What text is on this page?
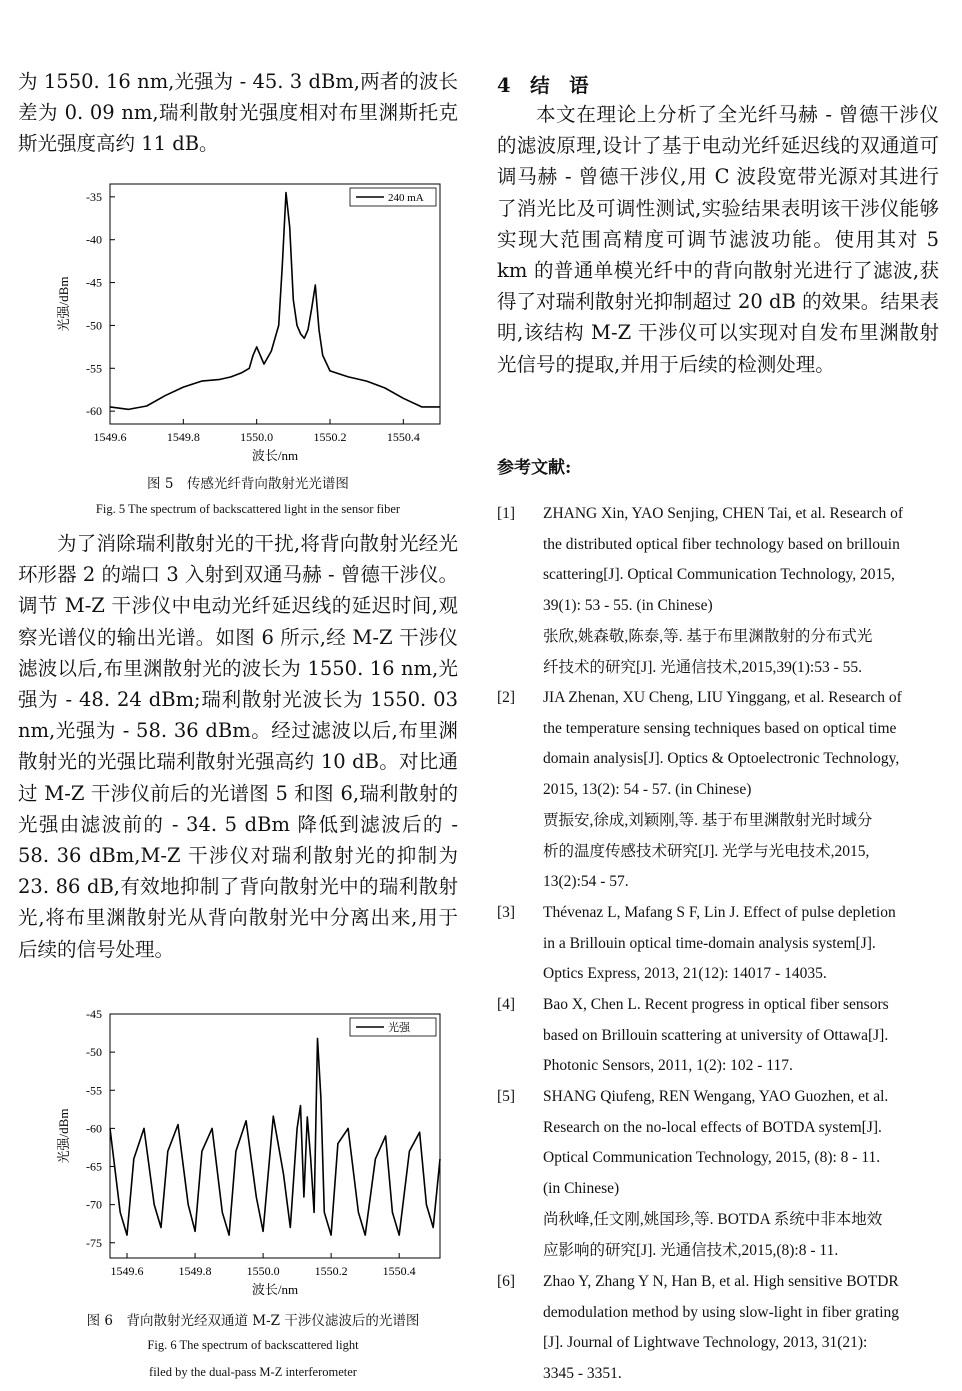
为 1550. 16 nm,光强为 - 45. 3 dBm,两者的波长差为 0. 09 nm,瑞利散射光强度相对布里渊斯托克斯光强度高约 11 dB。

-35
-40
-45
-50
-55
-60
1549.6	1549.8	1550.0	1550.2	1550.4
波长/nm
光强/dBm
240 mA
图 5　传感光纤背向散射光光谱图
Fig. 5 The spectrum of backscattered light in the sensor fiber

为了消除瑞利散射光的干扰,将背向散射光经光环形器 2 的端口 3 入射到双通马赫 - 曾德干涉仪。调节 M-Z 干涉仪中电动光纤延迟线的延迟时间,观察光谱仪的输出光谱。如图 6 所示,经 M-Z 干涉仪滤波以后,布里渊散射光的波长为 1550. 16 nm,光强为 - 48. 24 dBm;瑞利散射光波长为 1550. 03 nm,光强为 - 58. 36 dBm。经过滤波以后,布里渊散射光的光强比瑞利散射光强高约 10 dB。对比通过 M-Z 干涉仪前后的光谱图 5 和图 6,瑞利散射的光强由滤波前的 - 34. 5 dBm 降低到滤波后的 - 58. 36 dBm,M-Z 干涉仪对瑞利散射光的抑制为 23. 86 dB,有效地抑制了背向散射光中的瑞利散射光,将布里渊散射光从背向散射光中分离出来,用于后续的信号处理。

-45
-50
-55
-60
-65
-70
-75
1549.6	1549.8	1550.0	1550.2	1550.4
波长/nm
光强/dBm
光强
图 6　背向散射光经双通道 M-Z 干涉仪滤波后的光谱图
Fig. 6 The spectrum of backscattered light
filed by the dual-pass M-Z interferometer

4　结　语

本文在理论上分析了全光纤马赫 - 曾德干涉仪的滤波原理,设计了基于电动光纤延迟线的双通道可调马赫 - 曾德干涉仪,用 C 波段宽带光源对其进行了消光比及可调性测试,实验结果表明该干涉仪能够实现大范围高精度可调节滤波功能。使用其对 5 km 的普通单模光纤中的背向散射光进行了滤波,获得了对瑞利散射光抑制超过 20 dB 的效果。结果表明,该结构 M-Z 干涉仪可以实现对自发布里渊散射光信号的提取,并用于后续的检测处理。

参考文献:

[1]	ZHANG Xin, YAO Senjing, CHEN Tai, et al. Research of
the distributed optical fiber technology based on brillouin
scattering[J]. Optical Communication Technology, 2015,
39(1): 53 - 55. (in Chinese)
张欣,姚森敬,陈泰,等. 基于布里渊散射的分布式光
纤技术的研究[J]. 光通信技术,2015,39(1):53 - 55.
[2]	JIA Zhenan, XU Cheng, LIU Yinggang, et al. Research of
the temperature sensing techniques based on optical time
domain analysis[J]. Optics & Optoelectronic Technology,
2015, 13(2): 54 - 57. (in Chinese)
贾振安,徐成,刘颖刚,等. 基于布里渊散射光时域分
析的温度传感技术研究[J]. 光学与光电技术,2015,
13(2):54 - 57.
[3]	Thévenaz L, Mafang S F, Lin J. Effect of pulse depletion
in a Brillouin optical time-domain analysis system[J].
Optics Express, 2013, 21(12): 14017 - 14035.
[4]	Bao X, Chen L. Recent progress in optical fiber sensors
based on Brillouin scattering at university of Ottawa[J].
Photonic Sensors, 2011, 1(2): 102 - 117.
[5]	SHANG Qiufeng, REN Wengang, YAO Guozhen, et al.
Research on the no-local effects of BOTDA system[J].
Optical Communication Technology, 2015, (8): 8 - 11.
(in Chinese)
尚秋峰,任文刚,姚国珍,等. BOTDA 系统中非本地效
应影响的研究[J]. 光通信技术,2015,(8):8 - 11.
[6]	Zhao Y, Zhang Y N, Han B, et al. High sensitive BOTDR
demodulation method by using slow-light in fiber grating
[J]. Journal of Lightwave Technology, 2013, 31(21):
3345 - 3351.
